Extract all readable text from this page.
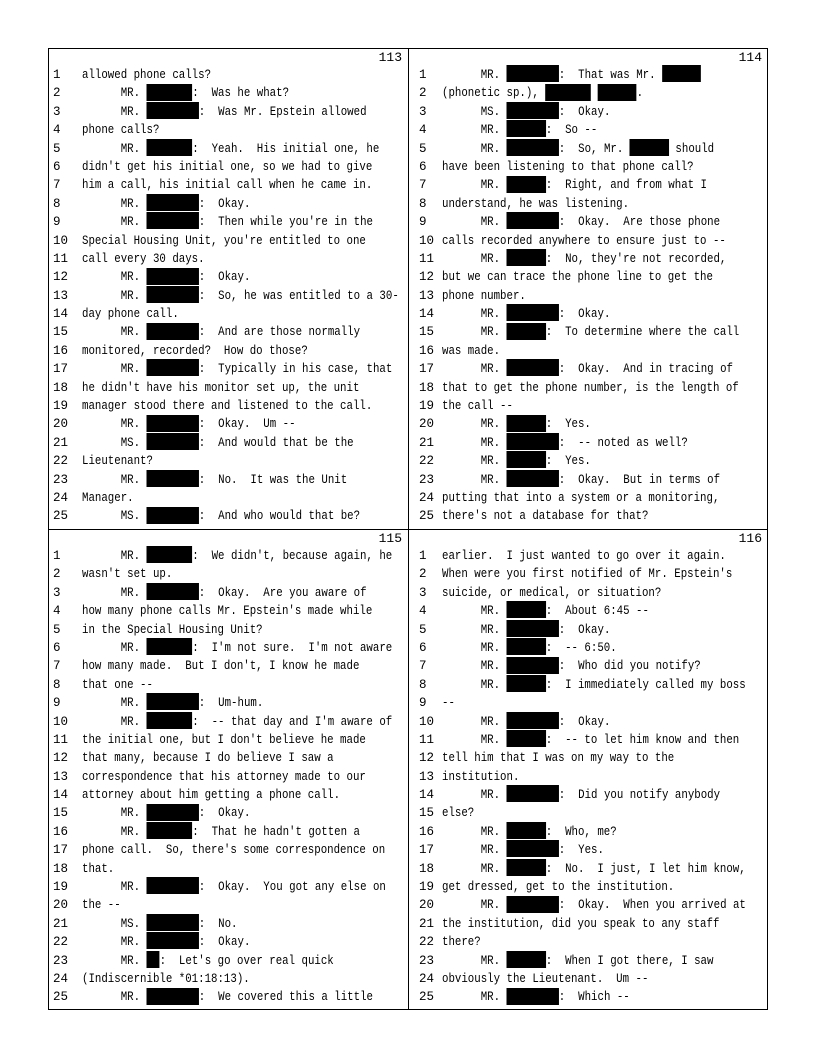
113
1	allowed phone calls?
2	MR.	:  Was he what?
3	MR.	:  Was Mr. Epstein allowed
4	phone calls?
5	MR.	:  Yeah.  His initial one, he
6	didn't get his initial one, so we had to give
7	him a call, his initial call when he came in.
8	MR.	:  Okay.
9	MR.	:  Then while you're in the
10	Special Housing Unit, you're entitled to one
11	call every 30 days.
12	MR.	:  Okay.
13	MR.	:  So, he was entitled to a 30-
14	day phone call.
15	MR.	:  And are those normally
16	monitored, recorded?  How do those?
17	MR.	:  Typically in his case, that
18	he didn't have his monitor set up, the unit
19	manager stood there and listened to the call.
20	MR.	:  Okay.  Um --
21	MS.	:  And would that be the
22	Lieutenant?
23	MR.	:  No.  It was the Unit
24	Manager.
25	MS.	:  And who would that be?
114
1	MR.	:  That was Mr.
2	(phonetic sp.),	.
3	MS.	:  Okay.
4	MR.	:  So --
5	MR.	:  So, Mr.	should
6	have been listening to that phone call?
7	MR.	:  Right, and from what I
8	understand, he was listening.
9	MR.	:  Okay.  Are those phone
10 calls recorded anywhere to ensure just to --
11 MR.	:  No, they're not recorded,
12 but we can trace the phone line to get the
13 phone number.
14 MR.	:  Okay.
15 MR.	:  To determine where the call
16 was made.
17 MR.	:  Okay.  And in tracing of
18 that to get the phone number, is the length of
19 the call --
20 MR.	:  Yes.
21 MR.	:  -- noted as well?
22 MR.	:  Yes.
23 MR.	:  Okay.  But in terms of
24 putting that into a system or a monitoring,
25 there's not a database for that?
115
1	MR.	:  We didn't, because again, he
2	wasn't set up.
3	MR.	:  Okay.  Are you aware of
4	how many phone calls Mr. Epstein's made while
5	in the Special Housing Unit?
6	MR.	:  I'm not sure.  I'm not aware
7	how many made.  But I don't, I know he made
8	that one --
9	MR.	:  Um-hum.
10	MR.	:  -- that day and I'm aware of
11	the initial one, but I don't believe he made
12	that many, because I do believe I saw a
13	correspondence that his attorney made to our
14	attorney about him getting a phone call.
15	MR.	:  Okay.
16	MR.	:  That he hadn't gotten a
17	phone call.  So, there's some correspondence on
18	that.
19	MR.	:  Okay.  You got any else on
20	the --
21	MS.	:  No.
22	MR.	:  Okay.
23	MR. :  Let's go over real quick
24	(Indiscernible *01:18:13).
25	MR.	:  We covered this a little
116
1	earlier.  I just wanted to go over it again.
2	When were you first notified of Mr. Epstein's
3	suicide, or medical, or situation?
4	MR.	:  About 6:45 --
5	MR.	:  Okay.
6	MR.	:  -- 6:50.
7	MR.	:  Who did you notify?
8	MR.	:  I immediately called my boss
9	--
10 MR.	:  Okay.
11 MR.	:  -- to let him know and then
12 tell him that I was on my way to the
13 institution.
14 MR.	:  Did you notify anybody
15 else?
16 MR.	:  Who, me?
17 MR.	:  Yes.
18 MR.	:  No.  I just, I let him know,
19 get dressed, get to the institution.
20 MR.	:  Okay.  When you arrived at
21 the institution, did you speak to any staff
22 there?
23 MR.	:  When I got there, I saw
24 obviously the Lieutenant.  Um --
25 MR.	:  Which --
